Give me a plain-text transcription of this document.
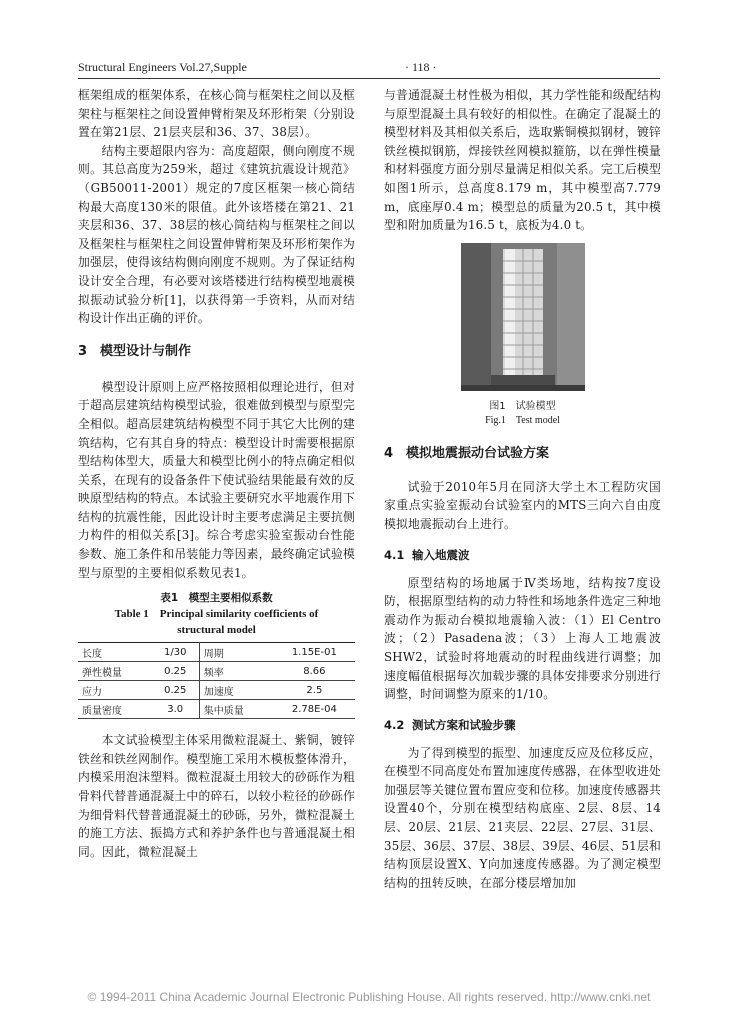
Structural Engineers Vol.27,Supple	· 118 ·

框架组成的框架体系，在核心筒与框架柱之间以及框架柱与框架柱之间设置伸臂桁架及环形桁架（分别设置在第21层、21层夹层和36、37、38层）。

结构主要超限内容为：高度超限，侧向刚度不规则。其总高度为259米，超过《建筑抗震设计规范》（GB50011-2001）规定的7度区框架一核心筒结构最大高度130米的限值。此外该塔楼在第21、21夹层和36、37、38层的核心筒结构与框架柱之间以及框架柱与框架柱之间设置伸臂桁架及环形桁架作为加强层，使得该结构侧向刚度不规则。为了保证结构设计安全合理，有必要对该塔楼进行结构模型地震模拟振动试验分析[1]，以获得第一手资料，从而对结构设计作出正确的评价。

3 模型设计与制作

模型设计原则上应严格按照相似理论进行，但对于超高层建筑结构模型试验，很难做到模型与原型完全相似。超高层建筑结构模型不同于其它大比例的建筑结构，它有其自身的特点：模型设计时需要根据原型结构体型大，质量大和模型比例小的特点确定相似关系，在现有的设备条件下使试验结果能最有效的反映原型结构的特点。本试验主要研究水平地震作用下结构的抗震性能，因此设计时主要考虑满足主要抗侧力构件的相似关系[3]。综合考虑实验室振动台性能参数、施工条件和吊装能力等因素，最终确定试验模型与原型的主要相似系数见表1。

表1　模型主要相似系数
Table 1　Principal similarity coefficients of
structural model
长度	1/30	周期	1.15E-01
弹性模量	0.25	频率	8.66
应力	0.25	加速度	2.5
质量密度	3.0	集中质量	2.78E-04

本文试验模型主体采用微粒混凝土、紫铜，镀锌铁丝和铁丝网制作。模型施工采用木模板整体滑升，内模采用泡沫塑料。微粒混凝土用较大的砂砾作为粗骨料代替普通混凝土中的碎石，以较小粒径的砂砾作为细骨料代替普通混凝土的砂砾，另外，微粒混凝土的施工方法、振捣方式和养护条件也与普通混凝土相同。因此，微粒混凝土

与普通混凝土材性极为相似，其力学性能和级配结构与原型混凝土具有较好的相似性。在确定了混凝土的模型材料及其相似关系后，选取紫铜模拟钢材，镀锌铁丝模拟钢筋，焊接铁丝网模拟箍筋，以在弹性模量和材料强度方面分别尽量满足相似关系。完工后模型如图1所示，总高度8.179 m，其中模型高7.779 m，底座厚0.4 m；模型总的质量为20.5 t，其中模型和附加质量为16.5 t，底板为4.0 t。

图1　试验模型
Fig.1　Test model
4 模拟地震振动台试验方案

试验于2010年5月在同济大学土木工程防灾国家重点实验室振动台试验室内的MTS三向六自由度模拟地震振动台上进行。

4.1 输入地震波

原型结构的场地属于Ⅳ类场地，结构按7度设防，根据原型结构的动力特性和场地条件选定三种地震动作为振动台模拟地震输入波：（1）El Centro波；（2）Pasadena波；（3）上海人工地震波SHW2，试验时将地震动的时程曲线进行调整；加速度幅值根据每次加载步骤的具体安排要求分别进行调整，时间调整为原来的1/10。

4.2 测试方案和试验步骤

为了得到模型的振型、加速度反应及位移反应，在模型不同高度处布置加速度传感器，在体型收进处加强层等关键位置布置应变和位移。加速度传感器共设置40个，分别在模型结构底座、2层、8层、14层、20层、21层、21夹层、22层、27层、31层、35层、36层、37层、38层、39层、46层、51层和结构顶层设置X、Y向加速度传感器。为了测定模型结构的扭转反映，在部分楼层增加加

© 1994-2011 China Academic Journal Electronic Publishing House. All rights reserved. http://www.cnki.net
